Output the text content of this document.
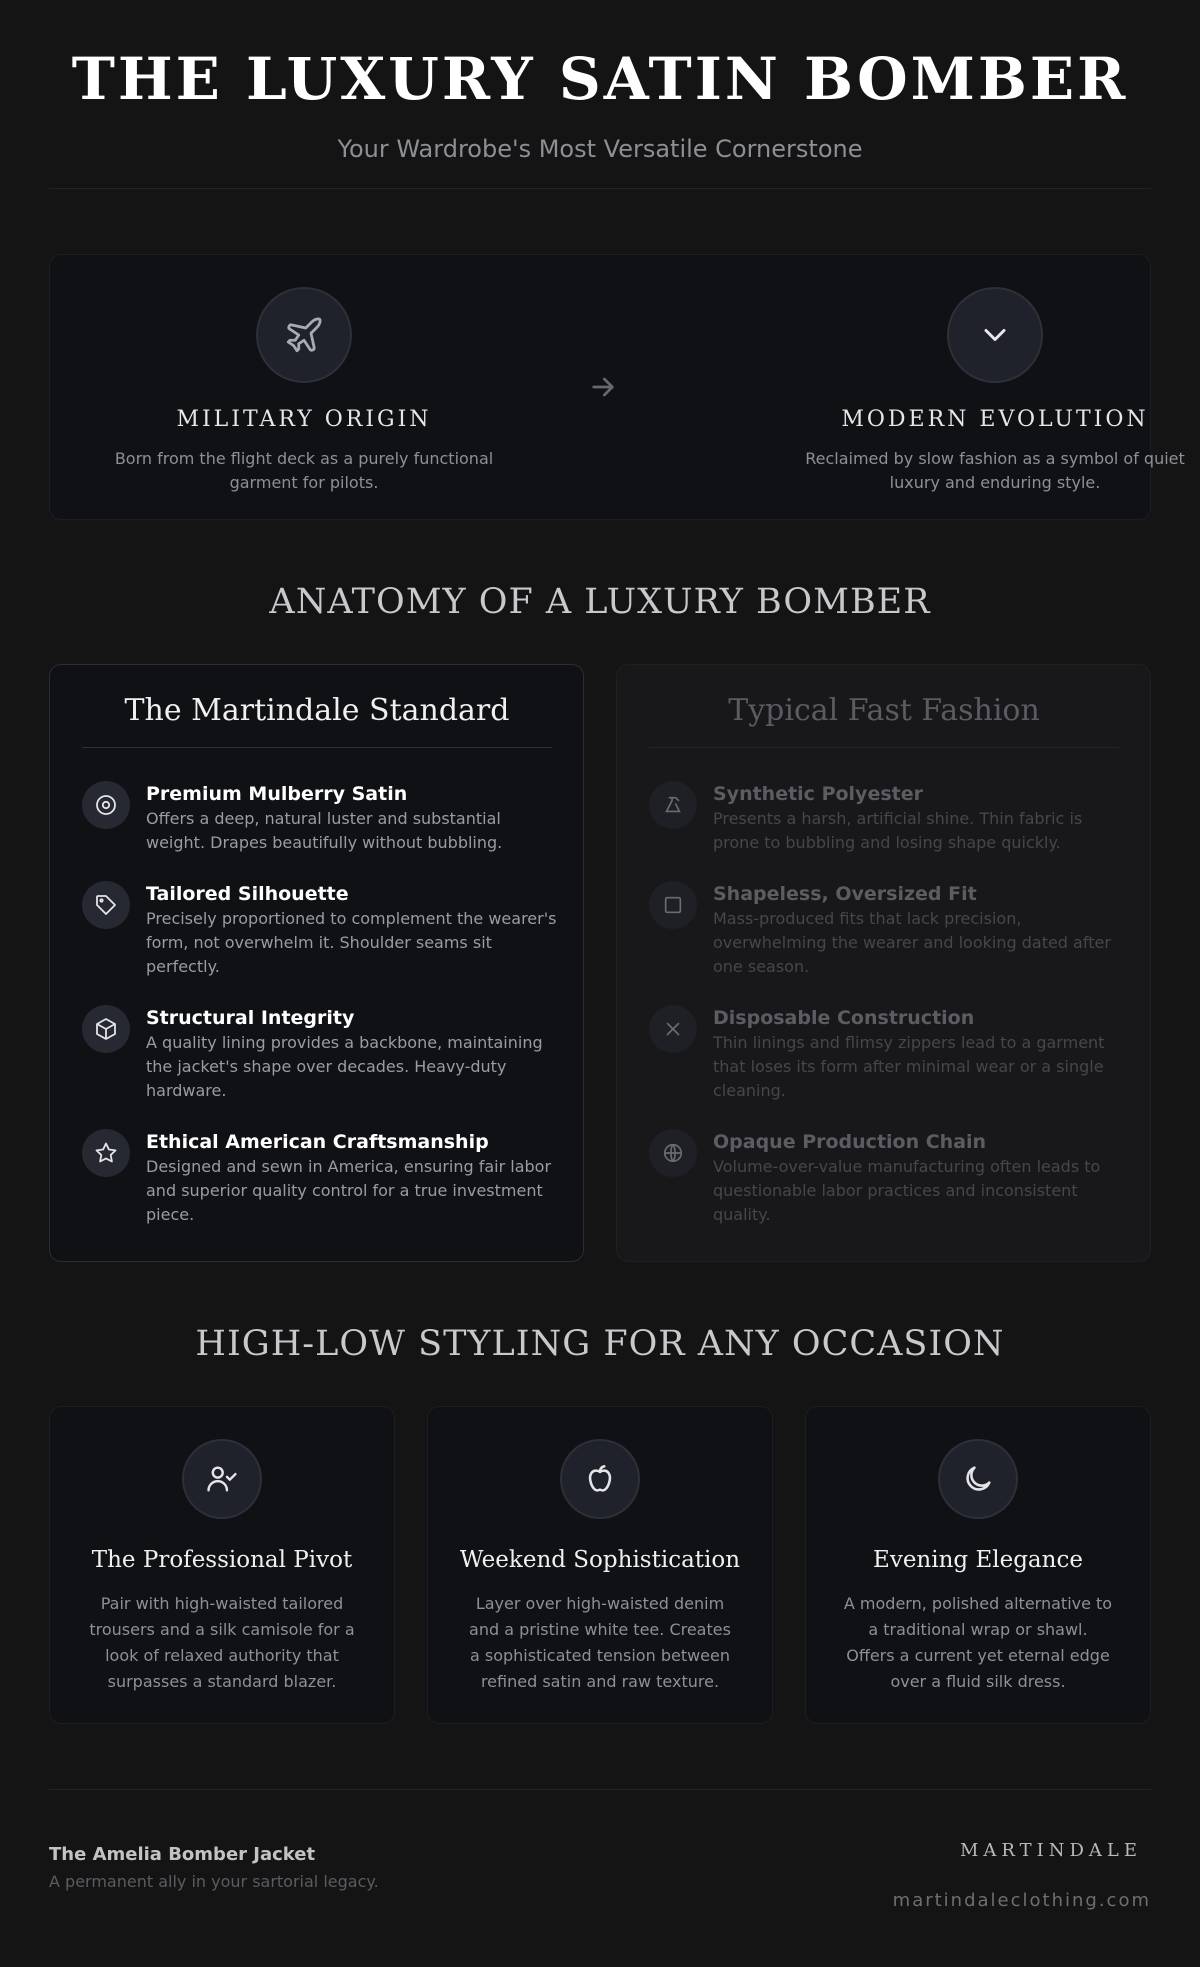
THE LUXURY SATIN BOMBER
Your Wardrobe's Most Versatile Cornerstone
MILITARY ORIGIN
Born from the flight deck as a purely functional garment for pilots.
MODERN EVOLUTION
Reclaimed by slow fashion as a symbol of quiet luxury and enduring style.
ANATOMY OF A LUXURY BOMBER
The Martindale Standard
Premium Mulberry Satin
Offers a deep, natural luster and substantial weight. Drapes beautifully without bubbling.
Tailored Silhouette
Precisely proportioned to complement the wearer's form, not overwhelm it. Shoulder seams sit perfectly.
Structural Integrity
A quality lining provides a backbone, maintaining the jacket's shape over decades. Heavy-duty hardware.
Ethical American Craftsmanship
Designed and sewn in America, ensuring fair labor and superior quality control for a true investment piece.
Typical Fast Fashion
Synthetic Polyester
Presents a harsh, artificial shine. Thin fabric is prone to bubbling and losing shape quickly.
Shapeless, Oversized Fit
Mass-produced fits that lack precision, overwhelming the wearer and looking dated after one season.
Disposable Construction
Thin linings and flimsy zippers lead to a garment that loses its form after minimal wear or a single cleaning.
Opaque Production Chain
Volume-over-value manufacturing often leads to questionable labor practices and inconsistent quality.
HIGH-LOW STYLING FOR ANY OCCASION
The Professional Pivot
Pair with high-waisted tailored trousers and a silk camisole for a look of relaxed authority that surpasses a standard blazer.
Weekend Sophistication
Layer over high-waisted denim and a pristine white tee. Creates a sophisticated tension between refined satin and raw texture.
Evening Elegance
A modern, polished alternative to a traditional wrap or shawl. Offers a current yet eternal edge over a fluid silk dress.
The Amelia Bomber Jacket
A permanent ally in your sartorial legacy.
MARTINDALE
martindaleclothing.com
